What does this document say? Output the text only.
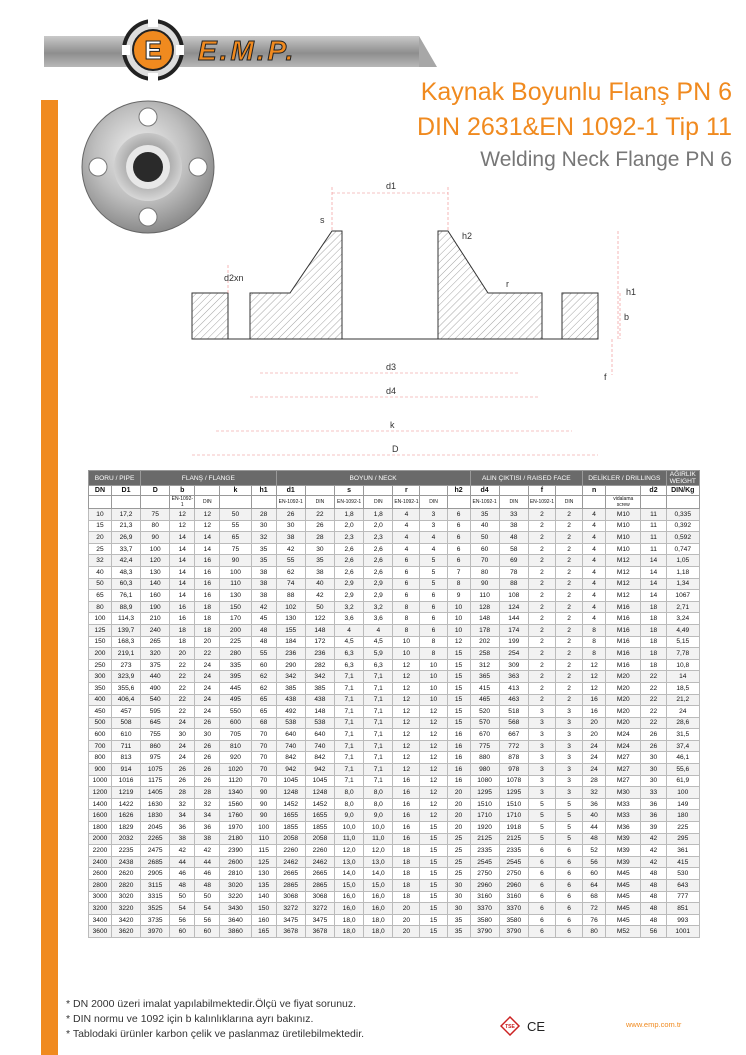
E E.M.P.
Kaynak Boyunlu Flanş PN 6
DIN 2631&EN 1092-1 Tip 11
Welding Neck Flange PN 6
d1
s
h2
r
h1
d2xn
b
d3
f
d4
k
D
BORU / PIPE		FLANŞ / FLANGE					BOYUN / NECK							ALIN ÇIKTISI / RAISED FACE				DELİKLER / DRILLINGS			AĞIRLIK WEIGHT
DN	D1	D	b		k	h1	d1		s		r		h2	d4		f		n		d2	DIN/Kg
			EN-1092-1	DIN			EN-1092-1	DIN	EN-1092-1	DIN	EN-1092-1	DIN		EN-1092-1	DIN	EN-1092-1	DIN		vidalama screw		
10	17,2	75	12	12	50	28	26	22	1,8	1,8	4	3	6	35	33	2	2	4	M10	11	0,335
15	21,3	80	12	12	55	30	30	26	2,0	2,0	4	3	6	40	38	2	2	4	M10	11	0,392
20	26,9	90	14	14	65	32	38	28	2,3	2,3	4	4	6	50	48	2	2	4	M10	11	0,592
25	33,7	100	14	14	75	35	42	30	2,6	2,6	4	4	6	60	58	2	2	4	M10	11	0,747
32	42,4	120	14	16	90	35	55	35	2,6	2,6	6	5	6	70	69	2	2	4	M12	14	1,05
40	48,3	130	14	16	100	38	62	38	2,6	2,6	6	5	7	80	78	2	2	4	M12	14	1,18
50	60,3	140	14	16	110	38	74	40	2,9	2,9	6	5	8	90	88	2	2	4	M12	14	1,34
65	76,1	160	14	16	130	38	88	42	2,9	2,9	6	6	9	110	108	2	2	4	M12	14	1067
80	88,9	190	16	18	150	42	102	50	3,2	3,2	8	6	10	128	124	2	2	4	M16	18	2,71
100	114,3	210	16	18	170	45	130	122	3,6	3,6	8	6	10	148	144	2	2	4	M16	18	3,24
125	139,7	240	18	18	200	48	155	148	4	4	8	6	10	178	174	2	2	8	M16	18	4,49
150	168,3	265	18	20	225	48	184	172	4,5	4,5	10	8	12	202	199	2	2	8	M16	18	5,15
200	219,1	320	20	22	280	55	236	236	6,3	5,9	10	8	15	258	254	2	2	8	M16	18	7,78
250	273	375	22	24	335	60	290	282	6,3	6,3	12	10	15	312	309	2	2	12	M16	18	10,8
300	323,9	440	22	24	395	62	342	342	7,1	7,1	12	10	15	365	363	2	2	12	M20	22	14
350	355,6	490	22	24	445	62	385	385	7,1	7,1	12	10	15	415	413	2	2	12	M20	22	18,5
400	406,4	540	22	24	495	65	438	438	7,1	7,1	12	10	15	465	463	2	2	16	M20	22	21,2
450	457	595	22	24	550	65	492	148	7,1	7,1	12	12	15	520	518	3	3	16	M20	22	24
500	508	645	24	26	600	68	538	538	7,1	7,1	12	12	15	570	568	3	3	20	M20	22	28,6
600	610	755	30	30	705	70	640	640	7,1	7,1	12	12	16	670	667	3	3	20	M24	26	31,5
700	711	860	24	26	810	70	740	740	7,1	7,1	12	12	16	775	772	3	3	24	M24	26	37,4
800	813	975	24	26	920	70	842	842	7,1	7,1	12	12	16	880	878	3	3	24	M27	30	46,1
900	914	1075	26	26	1020	70	942	942	7,1	7,1	12	12	16	980	978	3	3	24	M27	30	55,6
1000	1016	1175	26	26	1120	70	1045	1045	7,1	7,1	16	12	16	1080	1078	3	3	28	M27	30	61,9
1200	1219	1405	28	28	1340	90	1248	1248	8,0	8,0	16	12	20	1295	1295	3	3	32	M30	33	100
1400	1422	1630	32	32	1560	90	1452	1452	8,0	8,0	16	12	20	1510	1510	5	5	36	M33	36	149
1600	1626	1830	34	34	1760	90	1655	1655	9,0	9,0	16	12	20	1710	1710	5	5	40	M33	36	180
1800	1829	2045	36	36	1970	100	1855	1855	10,0	10,0	16	15	20	1920	1918	5	5	44	M36	39	225
2000	2032	2265	38	38	2180	110	2058	2058	11,0	11,0	16	15	25	2125	2125	5	5	48	M39	42	295
2200	2235	2475	42	42	2390	115	2260	2260	12,0	12,0	18	15	25	2335	2335	6	6	52	M39	42	361
2400	2438	2685	44	44	2600	125	2462	2462	13,0	13,0	18	15	25	2545	2545	6	6	56	M39	42	415
2600	2620	2905	46	46	2810	130	2665	2665	14,0	14,0	18	15	25	2750	2750	6	6	60	M45	48	530
2800	2820	3115	48	48	3020	135	2865	2865	15,0	15,0	18	15	30	2960	2960	6	6	64	M45	48	643
3000	3020	3315	50	50	3220	140	3068	3068	16,0	16,0	18	15	30	3160	3160	6	6	68	M45	48	777
3200	3220	3525	54	54	3430	150	3272	3272	16,0	16,0	20	15	30	3370	3370	6	6	72	M45	48	851
3400	3420	3735	56	56	3640	160	3475	3475	18,0	18,0	20	15	35	3580	3580	6	6	76	M45	48	993
3600	3620	3970	60	60	3860	165	3678	3678	18,0	18,0	20	15	35	3790	3790	6	6	80	M52	56	1001
* DN 2000 üzeri imalat yapılabilmektedir.Ölçü ve fiyat sorunuz.
* DIN normu ve 1092 için b kalınlıklarına ayrı bakınız.
* Tablodaki ürünler karbon çelik ve paslanmaz üretilebilmektedir.
TSE CE	www.emp.com.tr
